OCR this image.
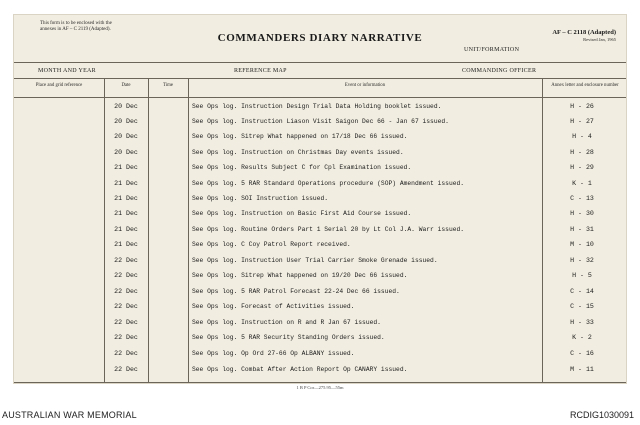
This form is to be enclosed with the
annexes in AF – C 2119 (Adapted).
COMMANDERS DIARY NARRATIVE	AF – C 2118 (Adapted)
Revised Jan, 1965
UNIT/FORMATION
MONTH AND YEAR	REFERENCE MAP	COMMANDING OFFICER
Place and grid reference	Date	Time	Event or information	Annex letter and enclosure number
20 Dec	See Ops log. Instruction Design Trial Data Holding booklet issued.	H - 26
20 Dec	See Ops log. Instruction Liason Visit Saigon Dec 66 - Jan 67 issued.	H - 27
20 Dec	See Ops log. Sitrep What happened on 17/18 Dec 66 issued.	H - 4
20 Dec	See Ops log. Instruction on Christmas Day events issued.	H - 28
21 Dec	See Ops log. Results Subject C for Cpl Examination issued.	H - 29
21 Dec	See Ops log. 5 RAR Standard Operations procedure (SOP) Amendment issued.	K - 1
21 Dec	See Ops log. SOI Instruction issued.	C - 13
21 Dec	See Ops log. Instruction on Basic First Aid Course issued.	H - 30
21 Dec	See Ops log. Routine Orders Part 1 Serial 20 by Lt Col J.A. Warr issued.	H - 31
21 Dec	See Ops log. C Coy Patrol Report received.	M - 10
22 Dec	See Ops log. Instruction User Trial Carrier Smoke Grenade issued.	H - 32
22 Dec	See Ops log. Sitrep What happened on 19/20 Dec 66 issued.	H - 5
22 Dec	See Ops log. 5 RAR Patrol Forecast 22-24 Dec 66 issued.	C - 14
22 Dec	See Ops log. Forecast of Activities issued.	C - 15
22 Dec	See Ops log. Instruction on R and R Jan 67 issued.	H - 33
22 Dec	See Ops log. 5 RAR Security Standing Orders issued.	K - 2
22 Dec	See Ops log. Op Ord 27-66 Op ALBANY issued.	C - 16
22 Dec	See Ops log. Combat After Action Report Op CANARY issued.	M - 11
1 B P Cor—275.95—55m
AUSTRALIAN WAR MEMORIAL	RCDIG1030091
